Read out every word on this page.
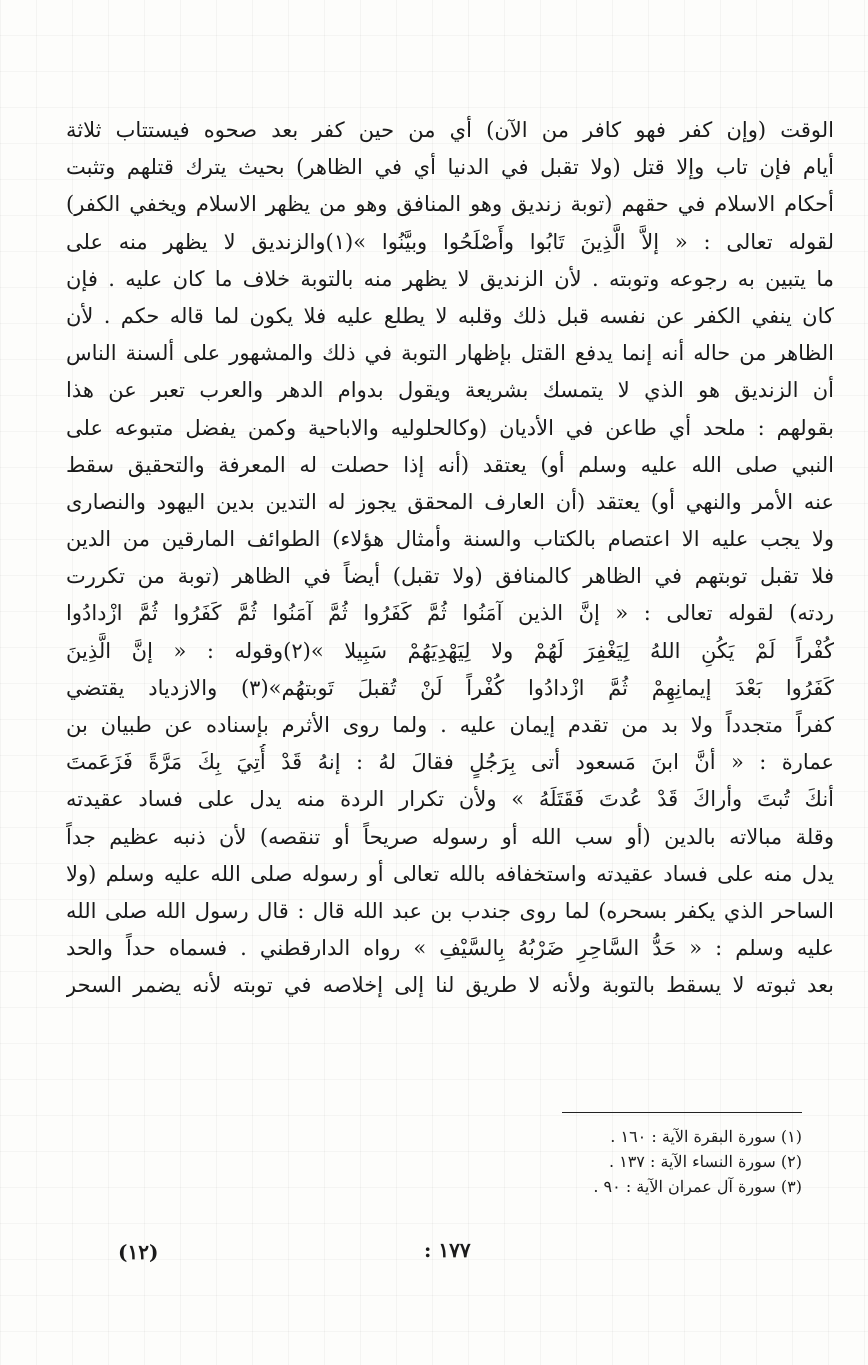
الوقت (وإن كفر فهو كافر من الآن) أي من حين كفر بعد صحوه فيستتاب ثلاثة
أيام فإن تاب وإلا قتل (ولا تقبل في الدنيا أي في الظاهر) بحيث يترك قتلهم وتثبت
أحكام الاسلام في حقهم (توبة زنديق وهو المنافق وهو من يظهر الاسلام ويخفي الكفر)
لقوله تعالى : « إلاَّ الَّذِينَ تَابُوا وأَصْلَحُوا وبيَّنُوا »(١)والزنديق لا يظهر منه على
ما يتبين به رجوعه وتوبته . لأن الزنديق لا يظهر منه بالتوبة خلاف ما كان عليه . فإن
كان ينفي الكفر عن نفسه قبل ذلك وقلبه لا يطلع عليه فلا يكون لما قاله حكم . لأن
الظاهر من حاله أنه إنما يدفع القتل بإظهار التوبة في ذلك والمشهور على ألسنة الناس
أن الزنديق هو الذي لا يتمسك بشريعة ويقول بدوام الدهر والعرب تعبر عن هذا
بقولهم : ملحد أي طاعن في الأديان (وكالحلوليه والاباحية وكمن يفضل متبوعه على
النبي صلى الله عليه وسلم أو) يعتقد (أنه إذا حصلت له المعرفة والتحقيق سقط
عنه الأمر والنهي أو) يعتقد (أن العارف المحقق يجوز له التدين بدين اليهود والنصارى
ولا يجب عليه الا اعتصام بالكتاب والسنة وأمثال هؤلاء) الطوائف المارقين من الدين
فلا تقبل توبتهم في الظاهر كالمنافق (ولا تقبل) أيضاً في الظاهر (توبة من تكررت
ردته) لقوله تعالى : « إنَّ الذين آمَنُوا ثُمَّ كَفَرُوا ثُمَّ آمَنُوا ثُمَّ كَفَرُوا ثُمَّ ازْدادُوا
كُفْراً لَمْ يَكُنِ اللهُ لِيَغْفِرَ لَهُمْ ولا لِيَهْدِيَهُمْ سَبِيلا »(٢)وقوله : « إنَّ الَّذِينَ
كَفَرُوا بَعْدَ إيمانِهِمْ ثُمَّ ازْدادُوا كُفْراً لَنْ تُقبلَ تَوبتهُم»(٣) والازدياد يقتضي
كفراً متجدداً ولا بد من تقدم إيمان عليه . ولما روى الأثرم بإسناده عن طبيان بن
عمارة : « أنَّ ابنَ مَسعود أتى بِرَجُلٍ فقالَ لهُ : إنهُ قَدْ أُتِيَ بِكَ مَرَّةً فَزَعَمتَ
أنكَ تُبتَ وأراكَ قَدْ عُدتَ فَقَتَلَهُ » ولأن تكرار الردة منه يدل على فساد عقيدته
وقلة مبالاته بالدين (أو سب الله أو رسوله صريحاً أو تنقصه) لأن ذنبه عظيم جداً
يدل منه على فساد عقيدته واستخفافه بالله تعالى أو رسوله صلى الله عليه وسلم (ولا
الساحر الذي يكفر بسحره) لما روى جندب بن عبد الله قال : قال رسول الله صلى الله
عليه وسلم : « حَدُّ السَّاحِرِ ضَرْبُهُ بِالسَّيْفِ » رواه الدارقطني . فسماه حداً والحد
بعد ثبوته لا يسقط بالتوبة ولأنه لا طريق لنا إلى إخلاصه في توبته لأنه يضمر السحر
(١) سورة البقرة الآية : ١٦٠ .
(٢) سورة النساء الآية : ١٣٧ .
(٣) سورة آل عمران الآية : ٩٠ .
(١٢)	١٧٧ :
